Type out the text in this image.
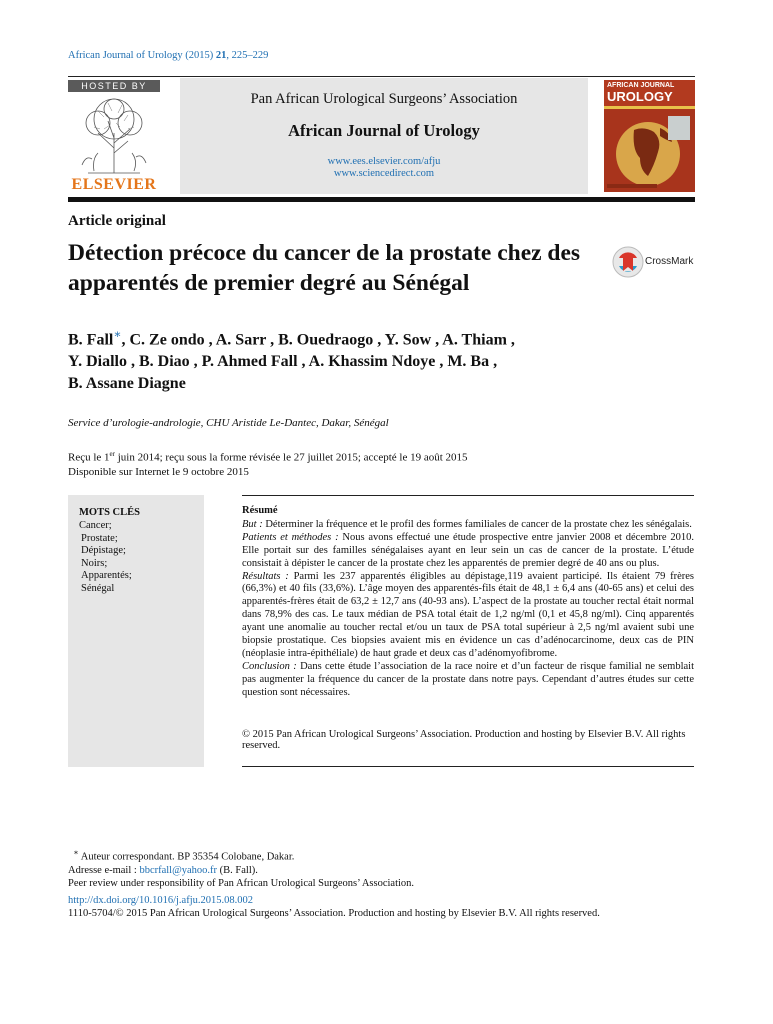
African Journal of Urology (2015) 21, 225–229
HOSTED BY
ELSEVIER
Pan African Urological Surgeons’ Association
African Journal of Urology
www.ees.elsevier.com/afju
www.sciencedirect.com
AFRICAN JOURNAL
UROLOGY
Article original
Détection précoce du cancer de la prostate chez des apparentés de premier degré au Sénégal
CrossMark
B. Fall∗, C. Ze ondo , A. Sarr , B. Ouedraogo , Y. Sow , A. Thiam ,
Y. Diallo , B. Diao , P. Ahmed Fall , A. Khassim Ndoye , M. Ba ,
B. Assane Diagne
Service d’urologie-andrologie, CHU Aristide Le-Dantec, Dakar, Sénégal
Reçu le 1er juin 2014; reçu sous la forme révisée le 27 juillet 2015; accepté le 19 août 2015
Disponible sur Internet le 9 octobre 2015
MOTS CLÉS
Cancer;
Prostate;
Dépistage;
Noirs;
Apparentés;
Sénégal
Résumé
But : Déterminer la fréquence et le profil des formes familiales de cancer de la prostate chez les sénégalais.
Patients et méthodes : Nous avons effectué une étude prospective entre janvier 2008 et décembre 2010. Elle portait sur des familles sénégalaises ayant en leur sein un cas de cancer de la prostate. L’étude consistait à dépister le cancer de la prostate chez les apparentés de premier degré de 40 ans ou plus.
Résultats : Parmi les 237 apparentés éligibles au dépistage,119 avaient participé. Ils étaient 79 frères (66,3%) et 40 fils (33,6%). L’âge moyen des apparentés-fils était de 48,1 ± 6,4 ans (40-65 ans) et celui des apparentés-frères était de 63,2 ± 12,7 ans (40-93 ans). L’aspect de la prostate au toucher rectal était normal dans 78,9% des cas. Le taux médian de PSA total était de 1,2 ng/ml (0,1 et 45,8 ng/ml). Cinq apparentés ayant une anomalie au toucher rectal et/ou un taux de PSA total supérieur à 2,5 ng/ml avaient subi une biopsie prostatique. Ces biopsies avaient mis en évidence un cas d’adénocarcinome, deux cas de PIN (néoplasie intra-épithéliale) de haut grade et deux cas d’adénomyofibrome.
Conclusion : Dans cette étude l’association de la race noire et d’un facteur de risque familial ne semblait pas augmenter la fréquence du cancer de la prostate dans notre pays. Cependant d’autres études sur cette question sont nécessaires.
© 2015 Pan African Urological Surgeons’ Association. Production and hosting by Elsevier B.V. All rights reserved.
∗ Auteur correspondant. BP 35354 Colobane, Dakar.
Adresse e-mail : bbcrfall@yahoo.fr (B. Fall).
Peer review under responsibility of Pan African Urological Surgeons’ Association.
http://dx.doi.org/10.1016/j.afju.2015.08.002
1110-5704/© 2015 Pan African Urological Surgeons’ Association. Production and hosting by Elsevier B.V. All rights reserved.
